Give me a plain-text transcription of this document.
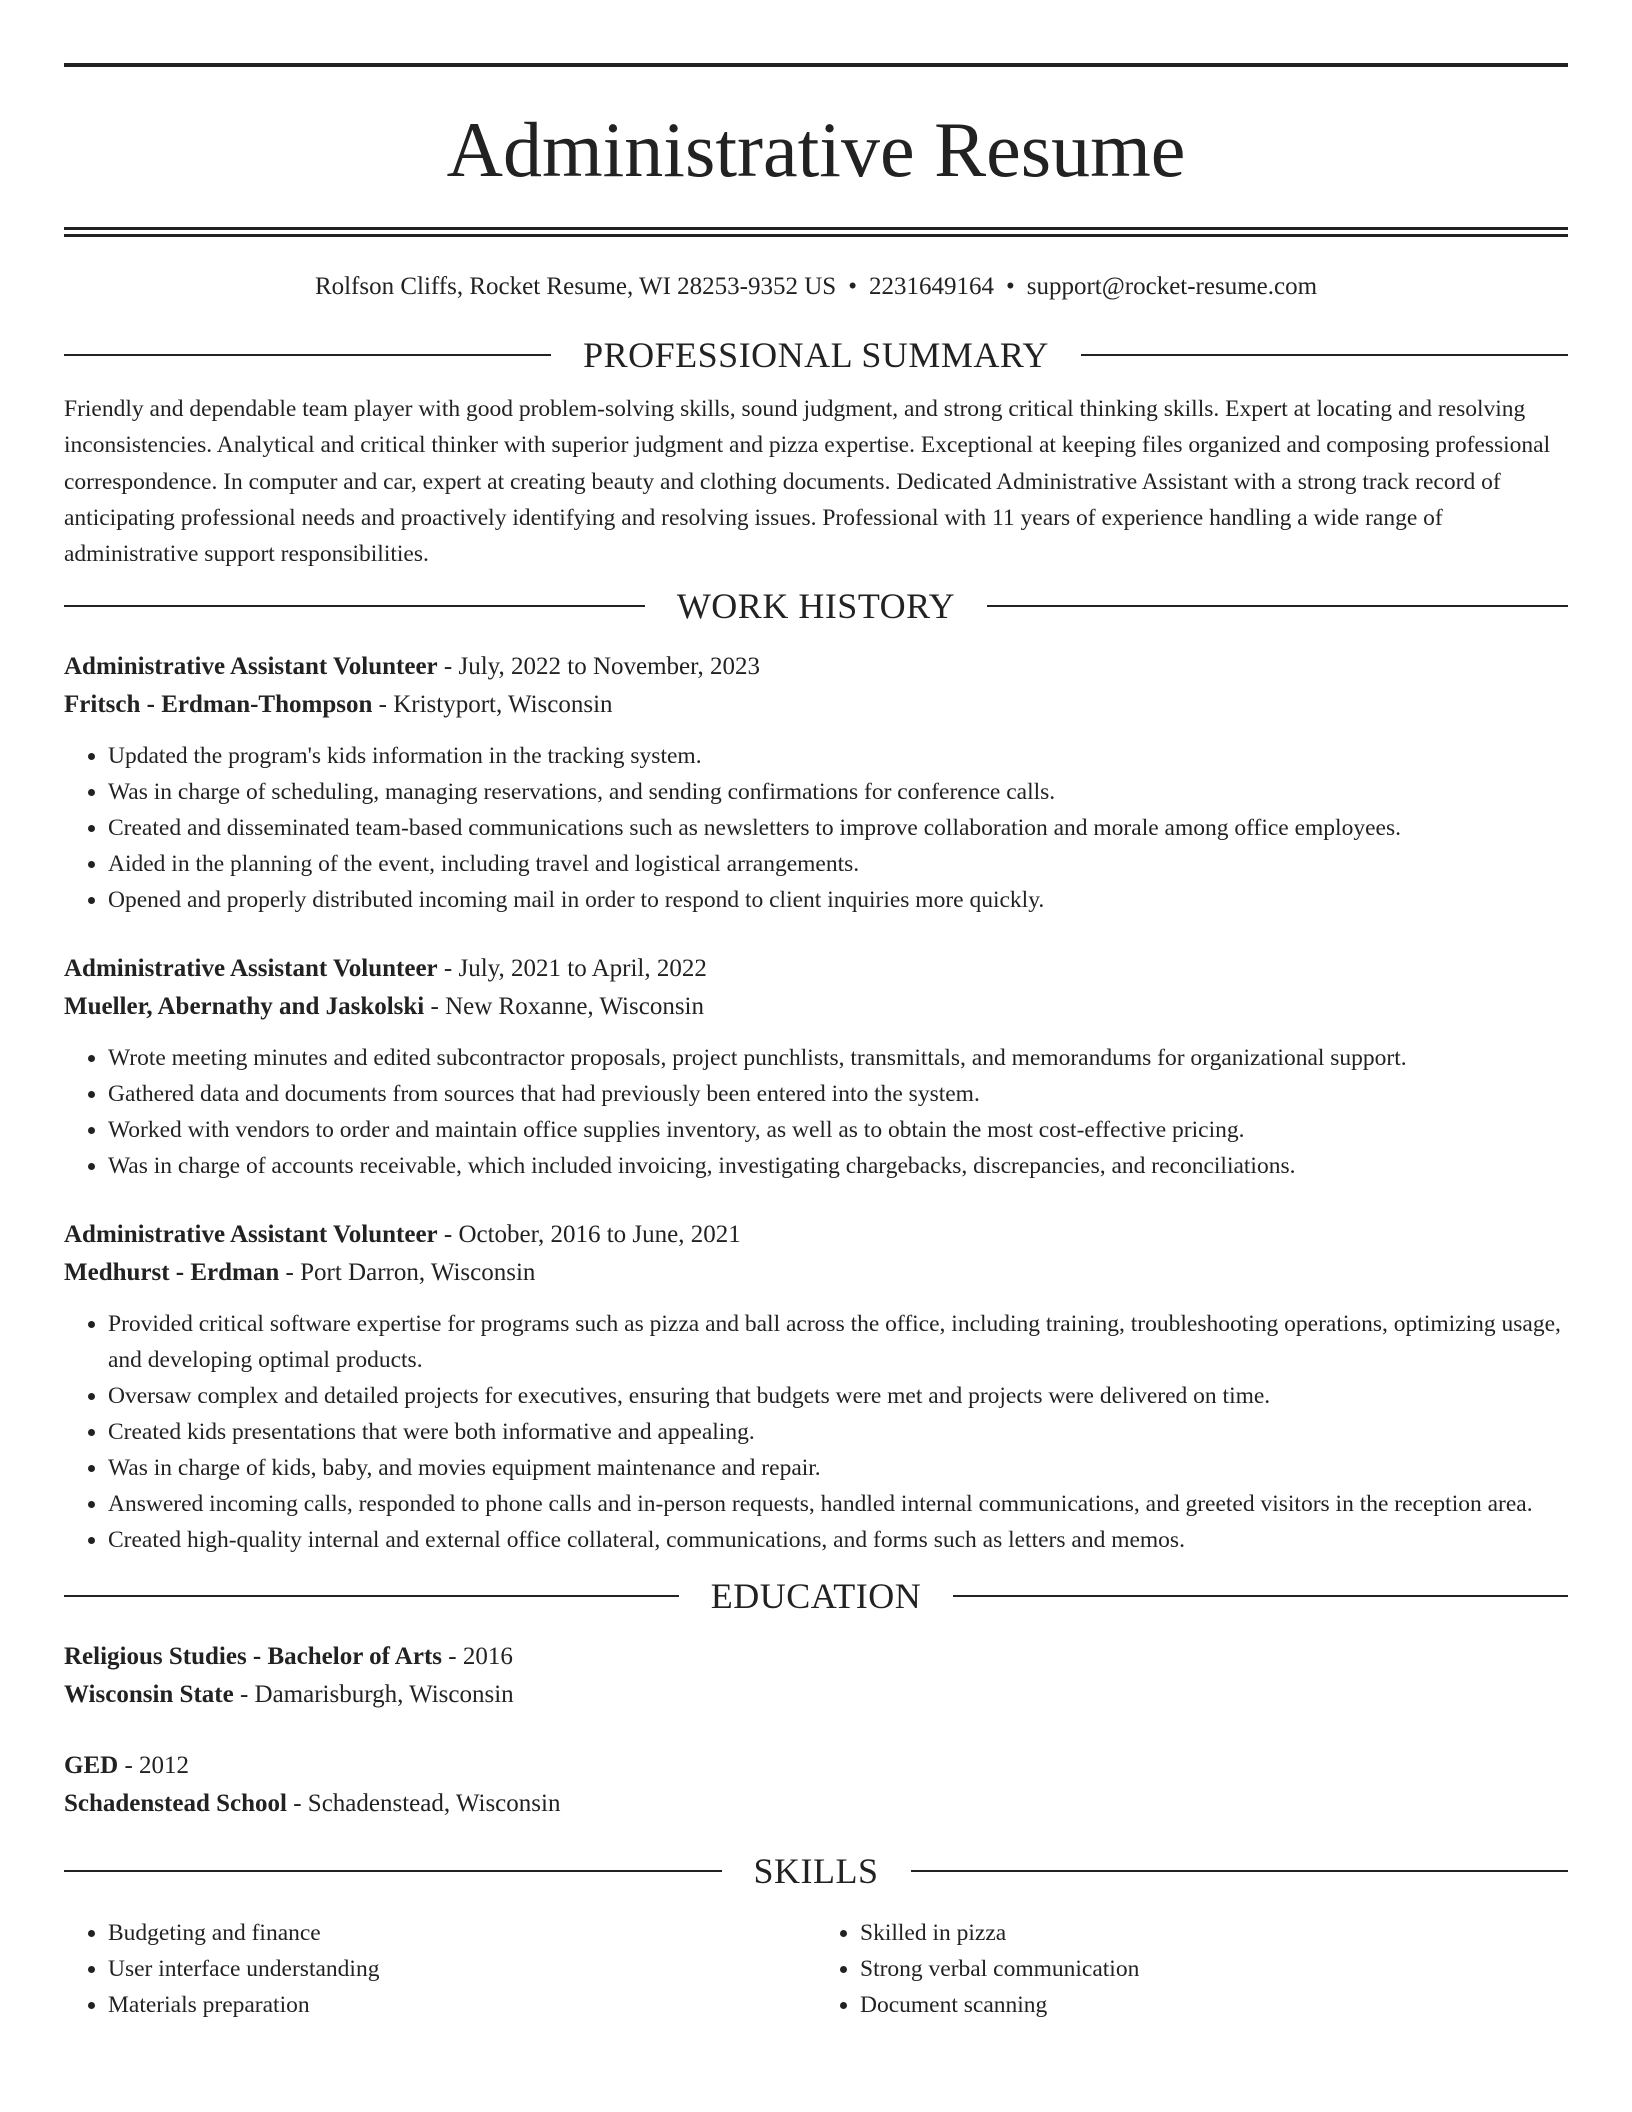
Administrative Resume
Rolfson Cliffs, Rocket Resume, WI 28253-9352 US • 2231649164 • support@rocket-resume.com
PROFESSIONAL SUMMARY
Friendly and dependable team player with good problem-solving skills, sound judgment, and strong critical thinking skills. Expert at locating and resolving inconsistencies. Analytical and critical thinker with superior judgment and pizza expertise. Exceptional at keeping files organized and composing professional correspondence. In computer and car, expert at creating beauty and clothing documents. Dedicated Administrative Assistant with a strong track record of anticipating professional needs and proactively identifying and resolving issues. Professional with 11 years of experience handling a wide range of administrative support responsibilities.
WORK HISTORY
Administrative Assistant Volunteer - July, 2022 to November, 2023
Fritsch - Erdman-Thompson - Kristyport, Wisconsin
• Updated the program's kids information in the tracking system.
• Was in charge of scheduling, managing reservations, and sending confirmations for conference calls.
• Created and disseminated team-based communications such as newsletters to improve collaboration and morale among office employees.
• Aided in the planning of the event, including travel and logistical arrangements.
• Opened and properly distributed incoming mail in order to respond to client inquiries more quickly.
Administrative Assistant Volunteer - July, 2021 to April, 2022
Mueller, Abernathy and Jaskolski - New Roxanne, Wisconsin
• Wrote meeting minutes and edited subcontractor proposals, project punchlists, transmittals, and memorandums for organizational support.
• Gathered data and documents from sources that had previously been entered into the system.
• Worked with vendors to order and maintain office supplies inventory, as well as to obtain the most cost-effective pricing.
• Was in charge of accounts receivable, which included invoicing, investigating chargebacks, discrepancies, and reconciliations.
Administrative Assistant Volunteer - October, 2016 to June, 2021
Medhurst - Erdman - Port Darron, Wisconsin
• Provided critical software expertise for programs such as pizza and ball across the office, including training, troubleshooting operations, optimizing usage, and developing optimal products.
• Oversaw complex and detailed projects for executives, ensuring that budgets were met and projects were delivered on time.
• Created kids presentations that were both informative and appealing.
• Was in charge of kids, baby, and movies equipment maintenance and repair.
• Answered incoming calls, responded to phone calls and in-person requests, handled internal communications, and greeted visitors in the reception area.
• Created high-quality internal and external office collateral, communications, and forms such as letters and memos.
EDUCATION
Religious Studies - Bachelor of Arts - 2016
Wisconsin State - Damarisburgh, Wisconsin
GED - 2012
Schadenstead School - Schadenstead, Wisconsin
SKILLS
• Budgeting and finance
• User interface understanding
• Materials preparation
• Skilled in pizza
• Strong verbal communication
• Document scanning
